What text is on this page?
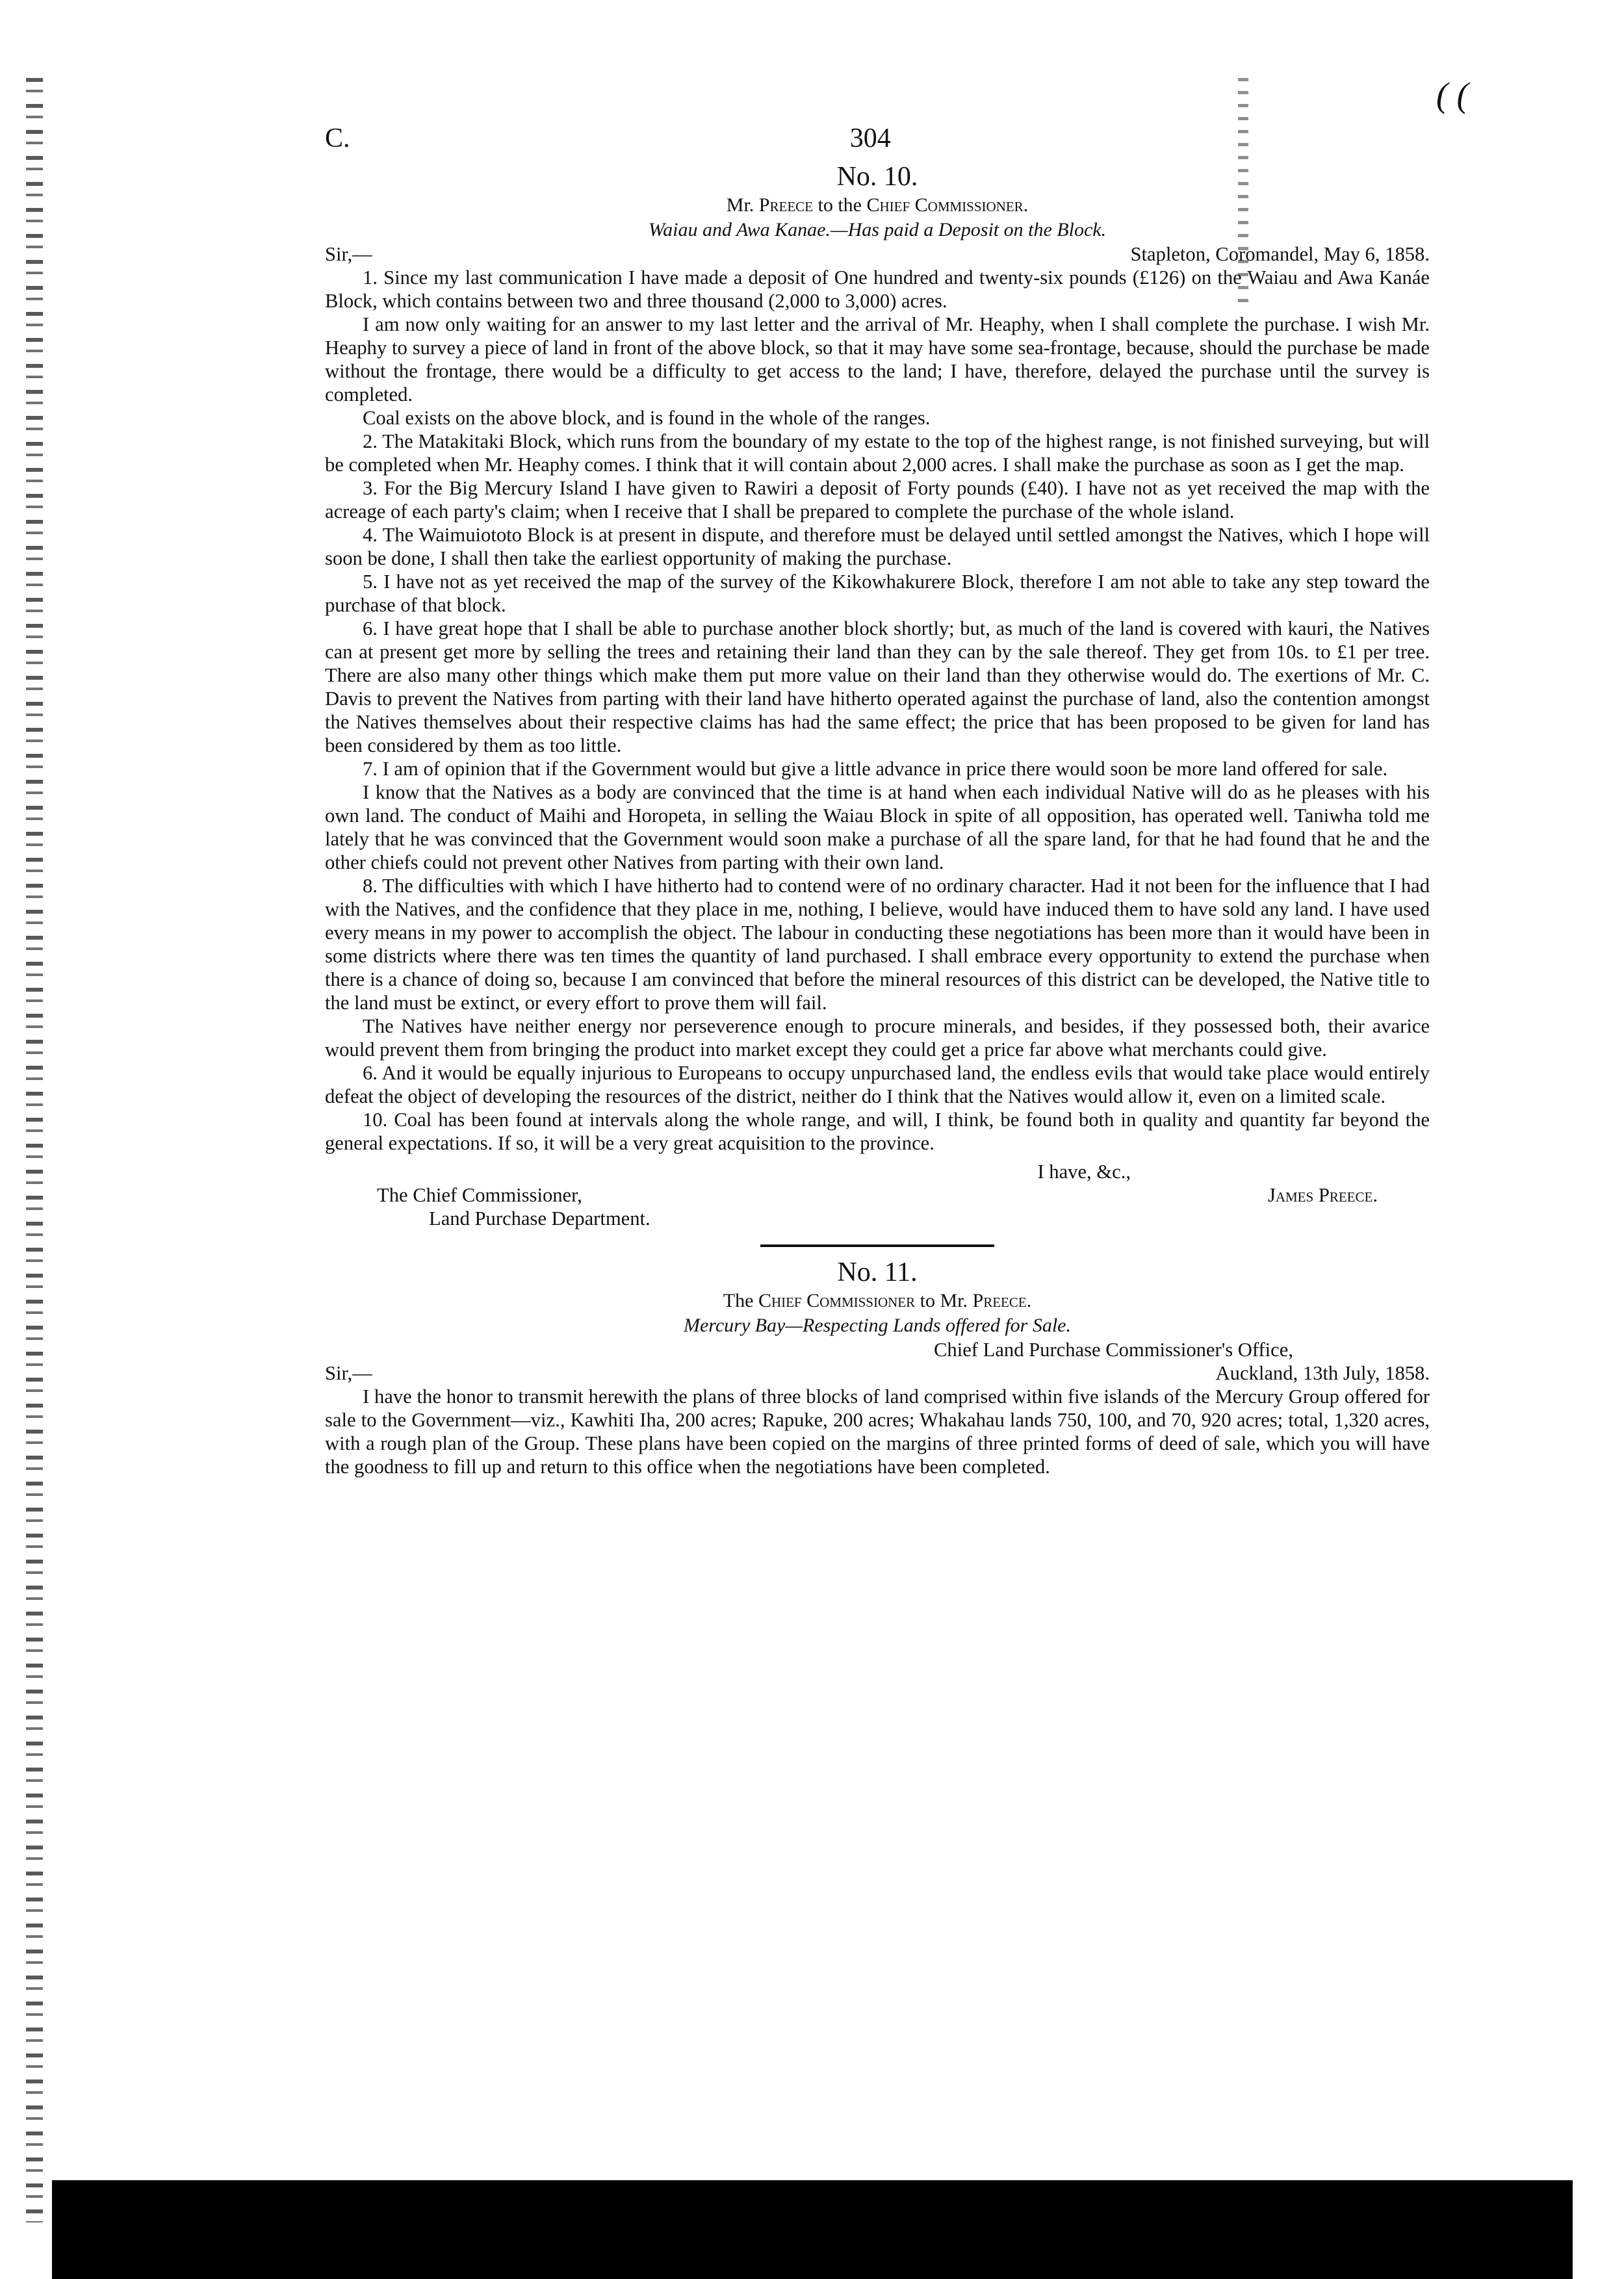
( (
C.	304
No. 10.
Mr. Preece to the Chief Commissioner.
Waiau and Awa Kanae.—Has paid a Deposit on the Block.
Sir,—	Stapleton, Coromandel, May 6, 1858.

1. Since my last communication I have made a deposit of One hundred and twenty-six pounds (£126) on the Waiau and Awa Kanáe Block, which contains between two and three thousand (2,000 to 3,000) acres.

I am now only waiting for an answer to my last letter and the arrival of Mr. Heaphy, when I shall complete the purchase. I wish Mr. Heaphy to survey a piece of land in front of the above block, so that it may have some sea-frontage, because, should the purchase be made without the frontage, there would be a difficulty to get access to the land; I have, therefore, delayed the purchase until the survey is completed.

Coal exists on the above block, and is found in the whole of the ranges.

2. The Matakitaki Block, which runs from the boundary of my estate to the top of the highest range, is not finished surveying, but will be completed when Mr. Heaphy comes. I think that it will contain about 2,000 acres. I shall make the purchase as soon as I get the map.

3. For the Big Mercury Island I have given to Rawiri a deposit of Forty pounds (£40). I have not as yet received the map with the acreage of each party's claim; when I receive that I shall be prepared to complete the purchase of the whole island.

4. The Waimuiototo Block is at present in dispute, and therefore must be delayed until settled amongst the Natives, which I hope will soon be done, I shall then take the earliest opportunity of making the purchase.

5. I have not as yet received the map of the survey of the Kikowhakurere Block, therefore I am not able to take any step toward the purchase of that block.

6. I have great hope that I shall be able to purchase another block shortly; but, as much of the land is covered with kauri, the Natives can at present get more by selling the trees and retaining their land than they can by the sale thereof. They get from 10s. to £1 per tree. There are also many other things which make them put more value on their land than they otherwise would do. The exertions of Mr. C. Davis to prevent the Natives from parting with their land have hitherto operated against the purchase of land, also the contention amongst the Natives themselves about their respective claims has had the same effect; the price that has been proposed to be given for land has been considered by them as too little.

7. I am of opinion that if the Government would but give a little advance in price there would soon be more land offered for sale.

I know that the Natives as a body are convinced that the time is at hand when each individual Native will do as he pleases with his own land. The conduct of Maihi and Horopeta, in selling the Waiau Block in spite of all opposition, has operated well. Taniwha told me lately that he was convinced that the Government would soon make a purchase of all the spare land, for that he had found that he and the other chiefs could not prevent other Natives from parting with their own land.

8. The difficulties with which I have hitherto had to contend were of no ordinary character. Had it not been for the influence that I had with the Natives, and the confidence that they place in me, nothing, I believe, would have induced them to have sold any land. I have used every means in my power to accomplish the object. The labour in conducting these negotiations has been more than it would have been in some districts where there was ten times the quantity of land purchased. I shall embrace every opportunity to extend the purchase when there is a chance of doing so, because I am convinced that before the mineral resources of this district can be developed, the Native title to the land must be extinct, or every effort to prove them will fail.

The Natives have neither energy nor perseverence enough to procure minerals, and besides, if they possessed both, their avarice would prevent them from bringing the product into market except they could get a price far above what merchants could give.

6. And it would be equally injurious to Europeans to occupy unpurchased land, the endless evils that would take place would entirely defeat the object of developing the resources of the district, neither do I think that the Natives would allow it, even on a limited scale.

10. Coal has been found at intervals along the whole range, and will, I think, be found both in quality and quantity far beyond the general expectations. If so, it will be a very great acquisition to the province.

I have, &c.,
The Chief Commissioner,	James Preece.
Land Purchase Department.
No. 11.
The Chief Commissioner to Mr. Preece.
Mercury Bay—Respecting Lands offered for Sale.
Chief Land Purchase Commissioner's Office,
Sir,—	Auckland, 13th July, 1858.

I have the honor to transmit herewith the plans of three blocks of land comprised within five islands of the Mercury Group offered for sale to the Government—viz., Kawhiti Iha, 200 acres; Rapuke, 200 acres; Whakahau lands 750, 100, and 70, 920 acres; total, 1,320 acres, with a rough plan of the Group. These plans have been copied on the margins of three printed forms of deed of sale, which you will have the goodness to fill up and return to this office when the negotiations have been completed.
